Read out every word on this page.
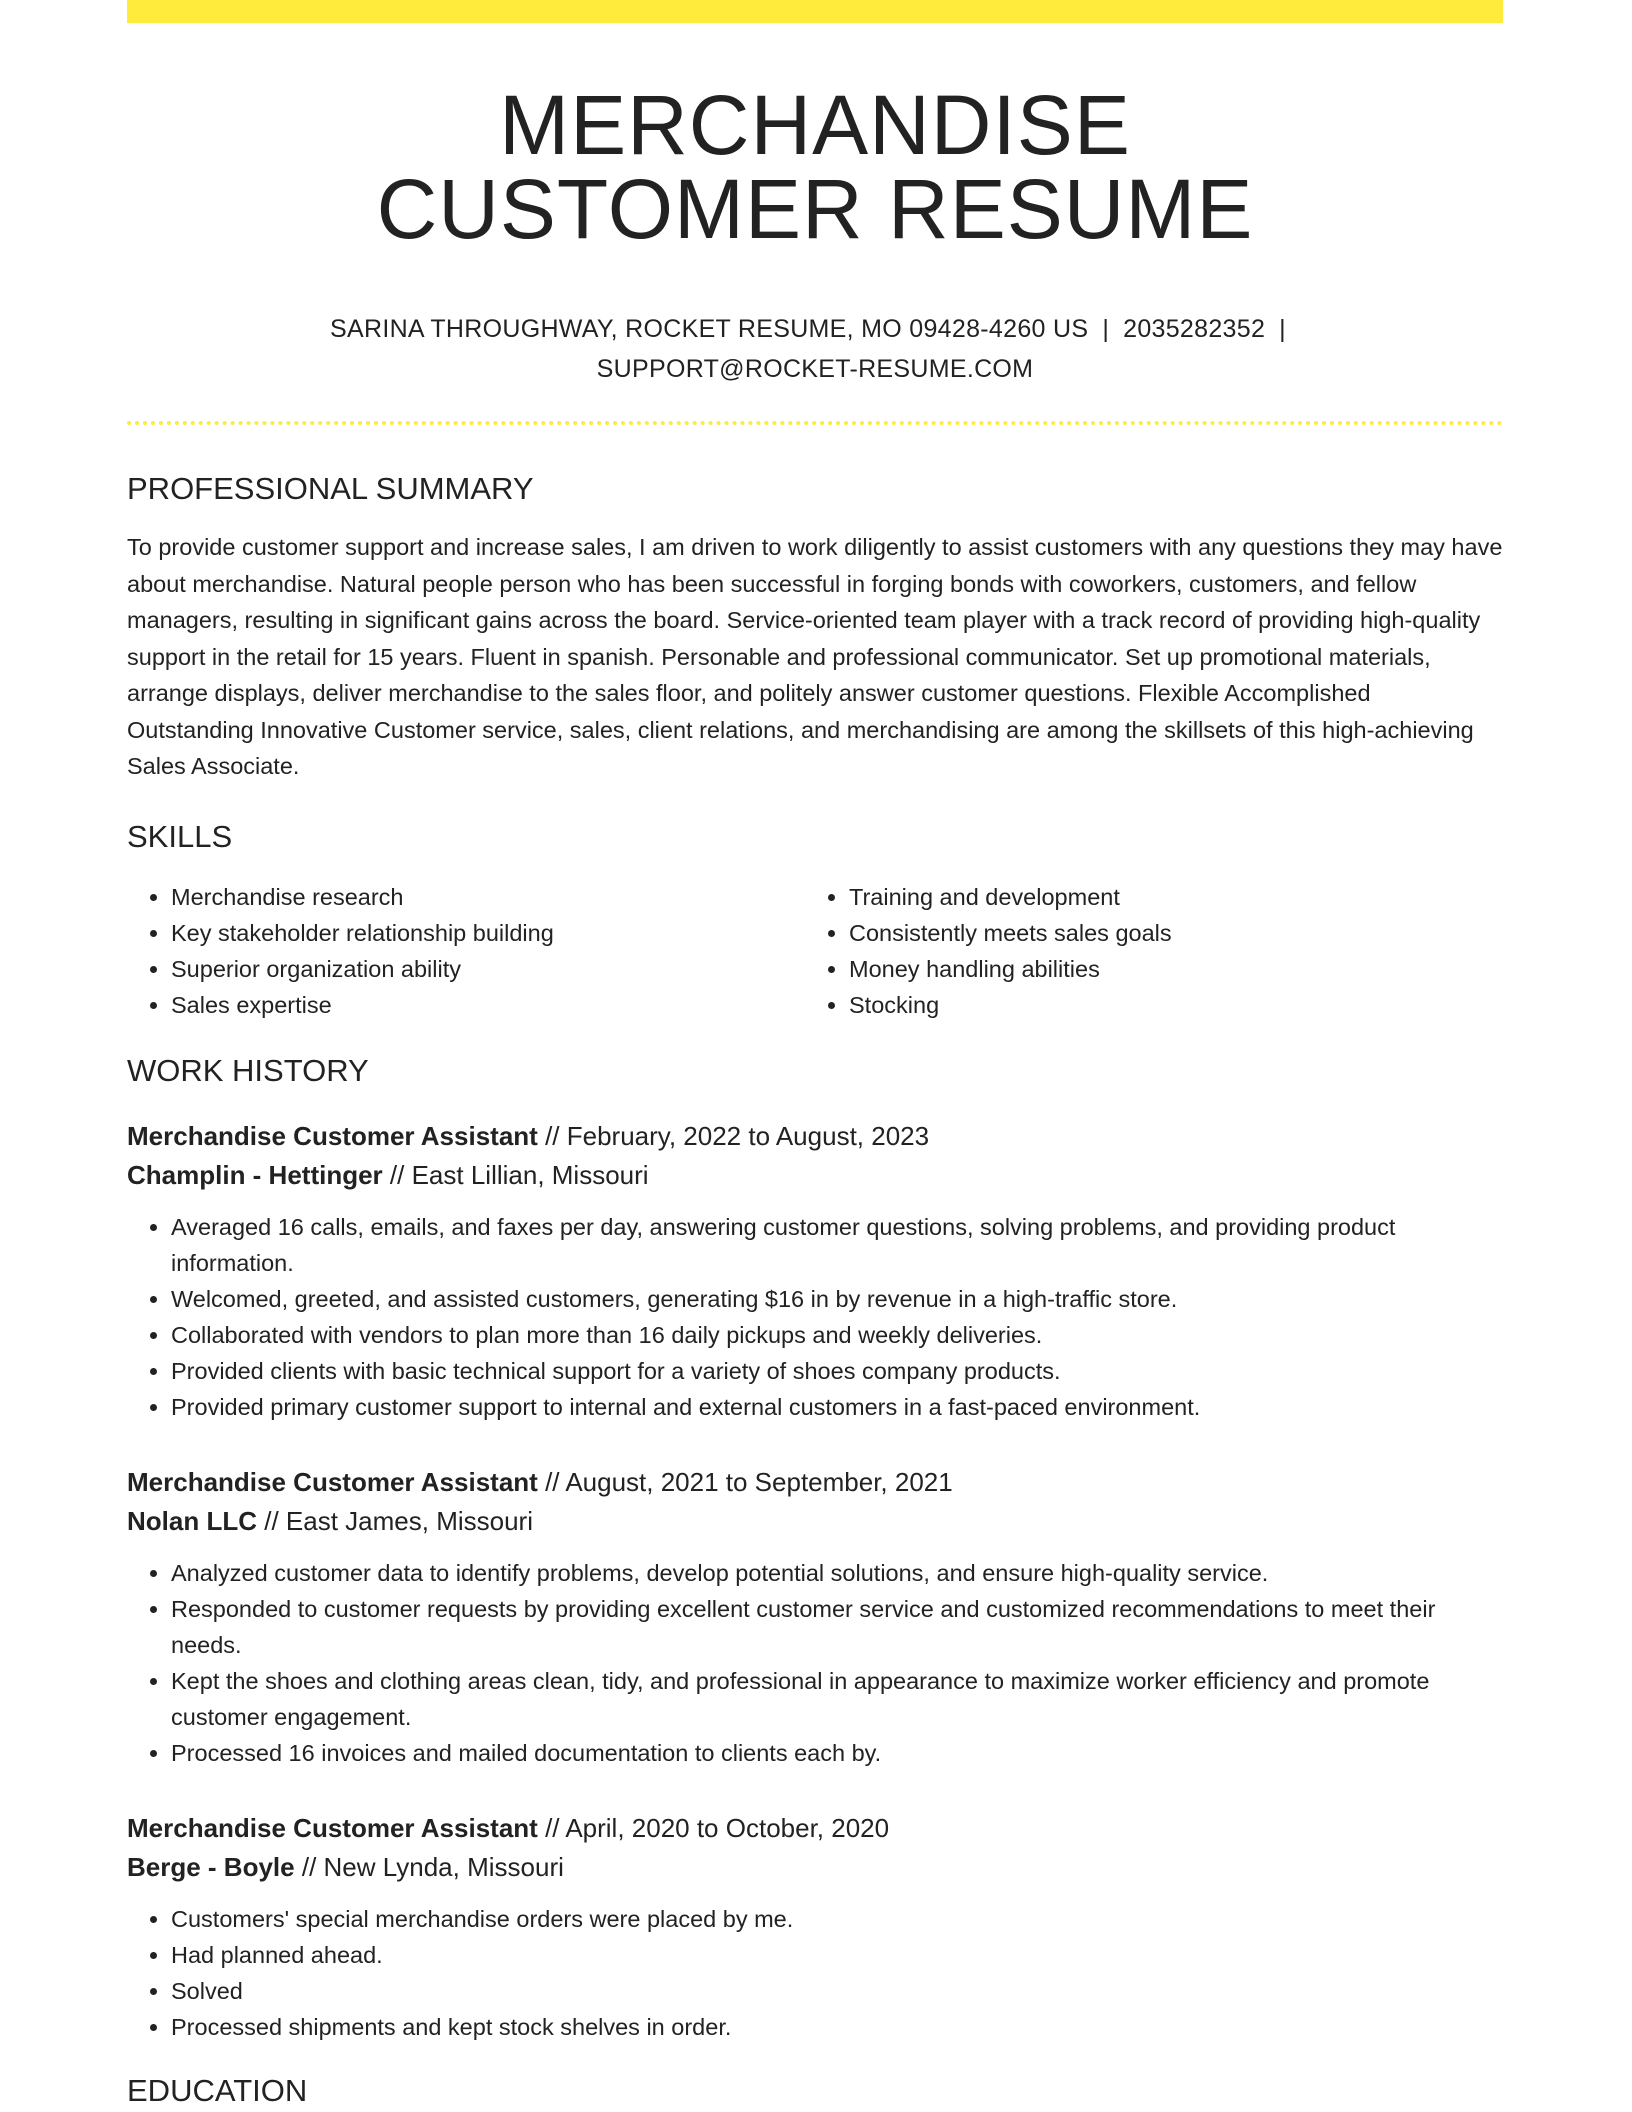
MERCHANDISE
CUSTOMER RESUME
SARINA THROUGHWAY, ROCKET RESUME, MO 09428-4260 US | 2035282352 |
SUPPORT@ROCKET-RESUME.COM
PROFESSIONAL SUMMARY

To provide customer support and increase sales, I am driven to work diligently to assist customers with any questions they may have about merchandise. Natural people person who has been successful in forging bonds with coworkers, customers, and fellow managers, resulting in significant gains across the board. Service-oriented team player with a track record of providing high-quality support in the retail for 15 years. Fluent in spanish. Personable and professional communicator. Set up promotional materials, arrange displays, deliver merchandise to the sales floor, and politely answer customer questions. Flexible Accomplished Outstanding Innovative Customer service, sales, client relations, and merchandising are among the skillsets of this high-achieving Sales Associate.

SKILLS
• Merchandise research
• Key stakeholder relationship building
• Superior organization ability
• Sales expertise
• Training and development
• Consistently meets sales goals
• Money handling abilities
• Stocking
WORK HISTORY
Merchandise Customer Assistant // February, 2022 to August, 2023
Champlin - Hettinger // East Lillian, Missouri
• Averaged 16 calls, emails, and faxes per day, answering customer questions, solving problems, and providing product information.
• Welcomed, greeted, and assisted customers, generating $16 in by revenue in a high-traffic store.
• Collaborated with vendors to plan more than 16 daily pickups and weekly deliveries.
• Provided clients with basic technical support for a variety of shoes company products.
• Provided primary customer support to internal and external customers in a fast-paced environment.
Merchandise Customer Assistant // August, 2021 to September, 2021
Nolan LLC // East James, Missouri
• Analyzed customer data to identify problems, develop potential solutions, and ensure high-quality service.
• Responded to customer requests by providing excellent customer service and customized recommendations to meet their needs.
• Kept the shoes and clothing areas clean, tidy, and professional in appearance to maximize worker efficiency and promote customer engagement.
• Processed 16 invoices and mailed documentation to clients each by.
Merchandise Customer Assistant // April, 2020 to October, 2020
Berge - Boyle // New Lynda, Missouri
• Customers' special merchandise orders were placed by me.
• Had planned ahead.
• Solved
• Processed shipments and kept stock shelves in order.
EDUCATION
